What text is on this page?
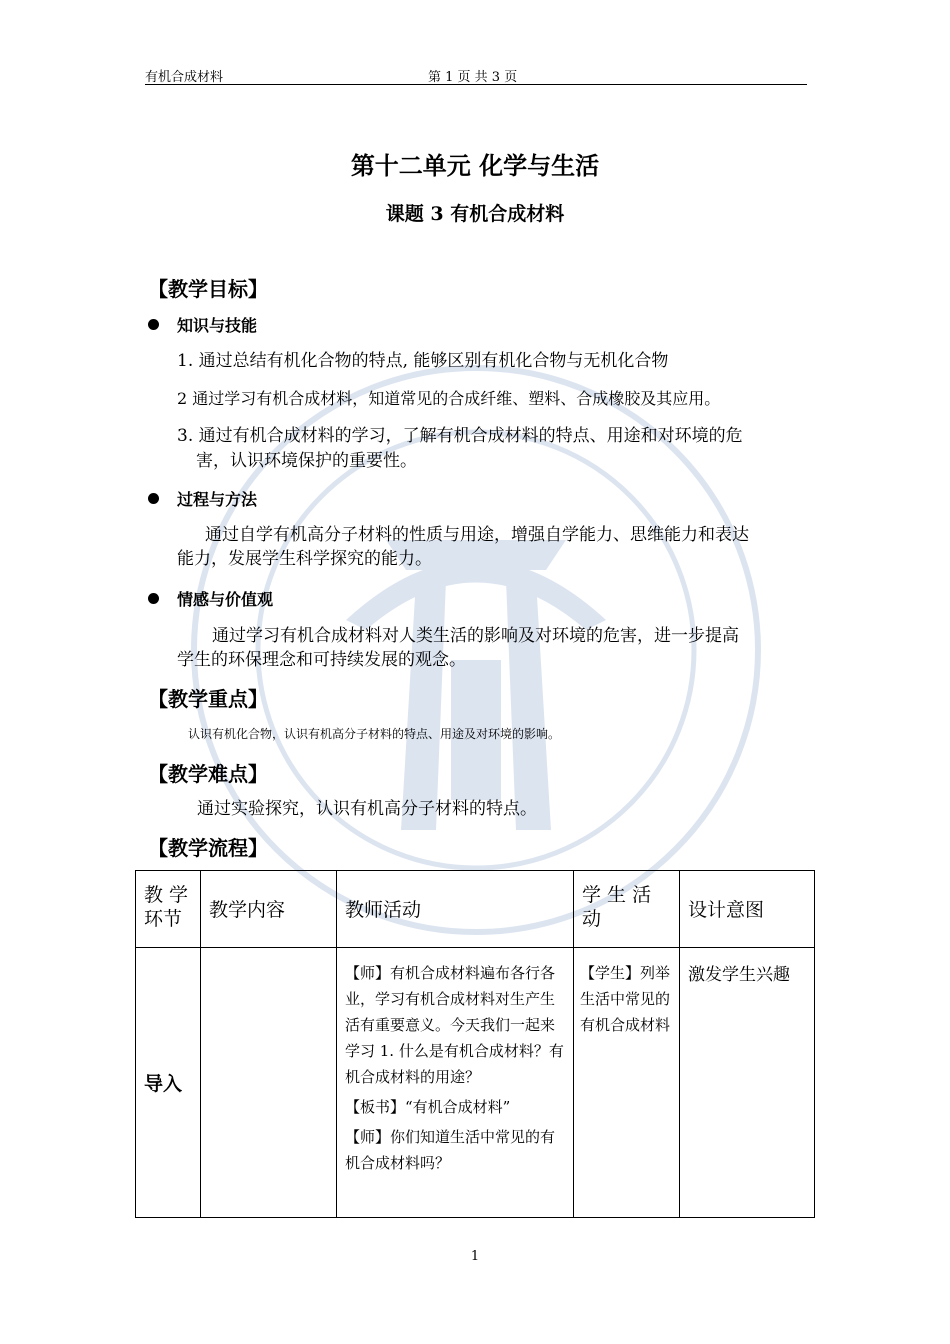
有机合成材料	第 1 页 共 3 页
第十二单元 化学与生活
课题 3 有机合成材料
【教学目标】
知识与技能
1. 通过总结有机化合物的特点, 能够区别有机化合物与无机化合物
2 通过学习有机合成材料，知道常见的合成纤维、塑料、合成橡胶及其应用。
3. 通过有机合成材料的学习，了解有机合成材料的特点、用途和对环境的危
害，认识环境保护的重要性。
过程与方法
通过自学有机高分子材料的性质与用途，增强自学能力、思维能力和表达
能力，发展学生科学探究的能力。
情感与价值观
通过学习有机合成材料对人类生活的影响及对环境的危害，进一步提高
学生的环保理念和可持续发展的观念。
【教学重点】
认识有机化合物，认识有机高分子材料的特点、用途及对环境的影响。
【教学难点】
通过实验探究，认识有机高分子材料的特点。
【教学流程】
教 学 环节	教学内容	教师活动	学 生 活 动	设计意图

导入		【师】有机合成材料遍布各行各业，学习有机合成材料对生产生活有重要意义。今天我们一起来学习 1. 什么是有机合成材料？有机合成材料的用途？
【板书】“有机合成材料”
【师】你们知道生活中常见的有机合成材料吗？	【学生】列举生活中常见的有机合成材料	激发学生兴趣
1
